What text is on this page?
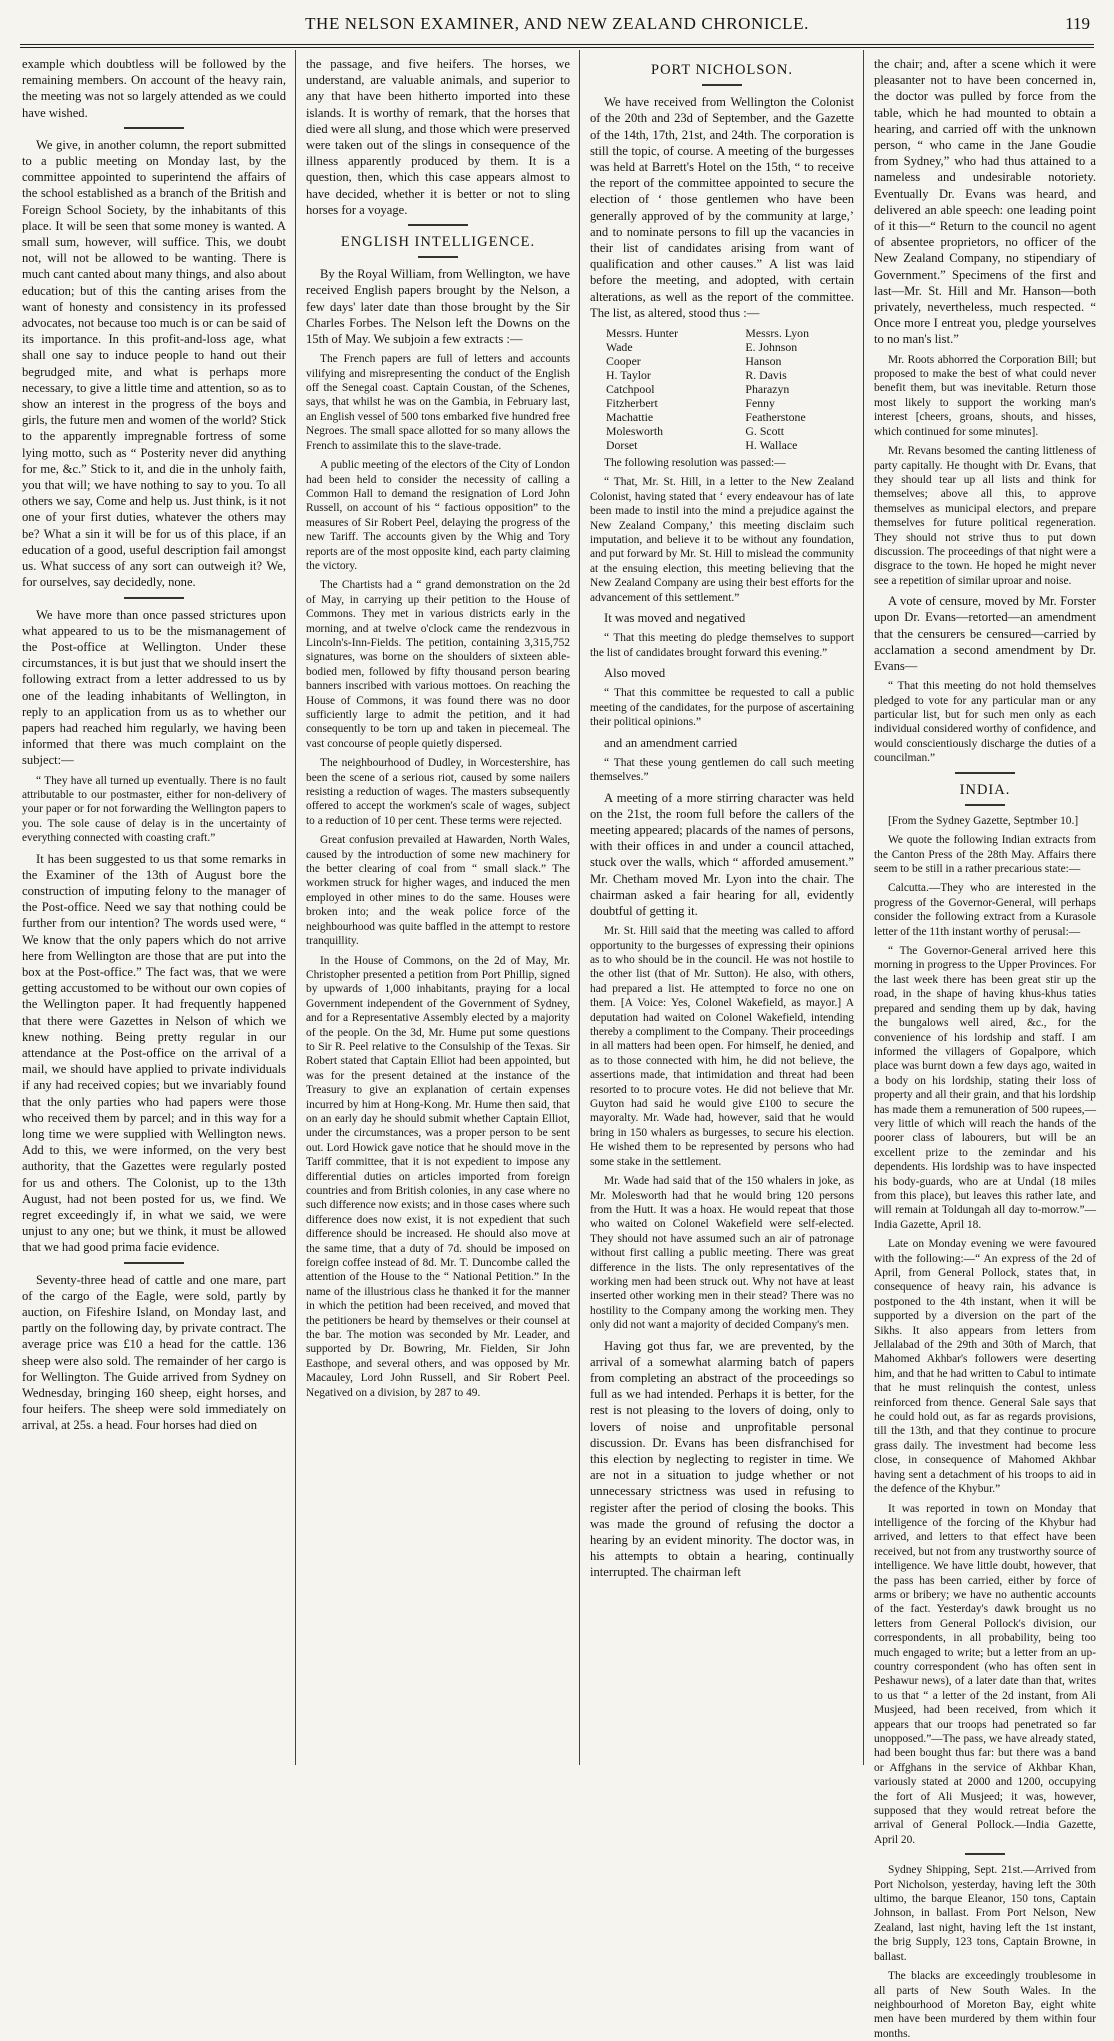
THE NELSON EXAMINER, AND NEW ZEALAND CHRONICLE.	119

example which doubtless will be followed by the remaining members. On account of the heavy rain, the meeting was not so largely attended as we could have wished.

We give, in another column, the report submitted to a public meeting on Monday last, by the committee appointed to superintend the affairs of the school established as a branch of the British and Foreign School Society, by the inhabitants of this place. It will be seen that some money is wanted. A small sum, however, will suffice. This, we doubt not, will not be allowed to be wanting. There is much cant canted about many things, and also about education; but of this the canting arises from the want of honesty and consistency in its professed advocates, not because too much is or can be said of its importance. In this profit-and-loss age, what shall one say to induce people to hand out their begrudged mite, and what is perhaps more necessary, to give a little time and attention, so as to show an interest in the progress of the boys and girls, the future men and women of the world? Stick to the apparently impregnable fortress of some lying motto, such as “ Posterity never did anything for me, &c.” Stick to it, and die in the unholy faith, you that will; we have nothing to say to you. To all others we say, Come and help us. Just think, is it not one of your first duties, whatever the others may be? What a sin it will be for us of this place, if an education of a good, useful description fail amongst us. What success of any sort can outweigh it? We, for ourselves, say decidedly, none.

We have more than once passed strictures upon what appeared to us to be the mismanagement of the Post-office at Wellington. Under these circumstances, it is but just that we should insert the following extract from a letter addressed to us by one of the leading inhabitants of Wellington, in reply to an application from us as to whether our papers had reached him regularly, we having been informed that there was much complaint on the subject:—

“ They have all turned up eventually. There is no fault attributable to our postmaster, either for non-delivery of your paper or for not forwarding the Wellington papers to you. The sole cause of delay is in the uncertainty of everything connected with coasting craft.”

It has been suggested to us that some remarks in the Examiner of the 13th of August bore the construction of imputing felony to the manager of the Post-office. Need we say that nothing could be further from our intention? The words used were, “ We know that the only papers which do not arrive here from Wellington are those that are put into the box at the Post-office.” The fact was, that we were getting accustomed to be without our own copies of the Wellington paper. It had frequently happened that there were Gazettes in Nelson of which we knew nothing. Being pretty regular in our attendance at the Post-office on the arrival of a mail, we should have applied to private individuals if any had received copies; but we invariably found that the only parties who had papers were those who received them by parcel; and in this way for a long time we were supplied with Wellington news. Add to this, we were informed, on the very best authority, that the Gazettes were regularly posted for us and others. The Colonist, up to the 13th August, had not been posted for us, we find. We regret exceedingly if, in what we said, we were unjust to any one; but we think, it must be allowed that we had good prima facie evidence.

Seventy-three head of cattle and one mare, part of the cargo of the Eagle, were sold, partly by auction, on Fifeshire Island, on Monday last, and partly on the following day, by private contract. The average price was £10 a head for the cattle. 136 sheep were also sold. The remainder of her cargo is for Wellington. The Guide arrived from Sydney on Wednesday, bringing 160 sheep, eight horses, and four heifers. The sheep were sold immediately on arrival, at 25s. a head. Four horses had died on

the passage, and five heifers. The horses, we understand, are valuable animals, and superior to any that have been hitherto imported into these islands. It is worthy of remark, that the horses that died were all slung, and those which were preserved were taken out of the slings in consequence of the illness apparently produced by them. It is a question, then, which this case appears almost to have decided, whether it is better or not to sling horses for a voyage.

ENGLISH INTELLIGENCE.

By the Royal William, from Wellington, we have received English papers brought by the Nelson, a few days' later date than those brought by the Sir Charles Forbes. The Nelson left the Downs on the 15th of May. We subjoin a few extracts :—

The French papers are full of letters and accounts vilifying and misrepresenting the conduct of the English off the Senegal coast. Captain Coustan, of the Schenes, says, that whilst he was on the Gambia, in February last, an English vessel of 500 tons embarked five hundred free Negroes. The small space allotted for so many allows the French to assimilate this to the slave-trade.

A public meeting of the electors of the City of London had been held to consider the necessity of calling a Common Hall to demand the resignation of Lord John Russell, on account of his “ factious opposition” to the measures of Sir Robert Peel, delaying the progress of the new Tariff. The accounts given by the Whig and Tory reports are of the most opposite kind, each party claiming the victory.

The Chartists had a “ grand demonstration on the 2d of May, in carrying up their petition to the House of Commons. They met in various districts early in the morning, and at twelve o'clock came the rendezvous in Lincoln's-Inn-Fields. The petition, containing 3,315,752 signatures, was borne on the shoulders of sixteen able-bodied men, followed by fifty thousand person bearing banners inscribed with various mottoes. On reaching the House of Commons, it was found there was no door sufficiently large to admit the petition, and it had consequently to be torn up and taken in piecemeal. The vast concourse of people quietly dispersed.

The neighbourhood of Dudley, in Worcestershire, has been the scene of a serious riot, caused by some nailers resisting a reduction of wages. The masters subsequently offered to accept the workmen's scale of wages, subject to a reduction of 10 per cent. These terms were rejected.

Great confusion prevailed at Hawarden, North Wales, caused by the introduction of some new machinery for the better clearing of coal from “ small slack.” The workmen struck for higher wages, and induced the men employed in other mines to do the same. Houses were broken into; and the weak police force of the neighbourhood was quite baffled in the attempt to restore tranquillity.

In the House of Commons, on the 2d of May, Mr. Christopher presented a petition from Port Phillip, signed by upwards of 1,000 inhabitants, praying for a local Government independent of the Government of Sydney, and for a Representative Assembly elected by a majority of the people. On the 3d, Mr. Hume put some questions to Sir R. Peel relative to the Consulship of the Texas. Sir Robert stated that Captain Elliot had been appointed, but was for the present detained at the instance of the Treasury to give an explanation of certain expenses incurred by him at Hong-Kong. Mr. Hume then said, that on an early day he should submit whether Captain Elliot, under the circumstances, was a proper person to be sent out. Lord Howick gave notice that he should move in the Tariff committee, that it is not expedient to impose any differential duties on articles imported from foreign countries and from British colonies, in any case where no such difference now exists; and in those cases where such difference does now exist, it is not expedient that such difference should be increased. He should also move at the same time, that a duty of 7d. should be imposed on foreign coffee instead of 8d. Mr. T. Duncombe called the attention of the House to the “ National Petition.” In the name of the illustrious class he thanked it for the manner in which the petition had been received, and moved that the petitioners be heard by themselves or their counsel at the bar. The motion was seconded by Mr. Leader, and supported by Dr. Bowring, Mr. Fielden, Sir John Easthope, and several others, and was opposed by Mr. Macauley, Lord John Russell, and Sir Robert Peel. Negatived on a division, by 287 to 49.

PORT NICHOLSON.

We have received from Wellington the Colonist of the 20th and 23d of September, and the Gazette of the 14th, 17th, 21st, and 24th. The corporation is still the topic, of course. A meeting of the burgesses was held at Barrett's Hotel on the 15th, “ to receive the report of the committee appointed to secure the election of ‘ those gentlemen who have been generally approved of by the community at large,’ and to nominate persons to fill up the vacancies in their list of candidates arising from want of qualification and other causes.” A list was laid before the meeting, and adopted, with certain alterations, as well as the report of the committee. The list, as altered, stood thus :—

Messrs. Hunter	Messrs. Lyon
Wade	E. Johnson
Cooper	Hanson
H. Taylor	R. Davis
Catchpool	Pharazyn
Fitzherbert	Fenny
Machattie	Featherstone
Molesworth	G. Scott
Dorset	H. Wallace

The following resolution was passed:—

“ That, Mr. St. Hill, in a letter to the New Zealand Colonist, having stated that ‘ every endeavour has of late been made to instil into the mind a prejudice against the New Zealand Company,’ this meeting disclaim such imputation, and believe it to be without any foundation, and put forward by Mr. St. Hill to mislead the community at the ensuing election, this meeting believing that the New Zealand Company are using their best efforts for the advancement of this settlement.”

It was moved and negatived

“ That this meeting do pledge themselves to support the list of candidates brought forward this evening.”

Also moved

“ That this committee be requested to call a public meeting of the candidates, for the purpose of ascertaining their political opinions.”

and an amendment carried

“ That these young gentlemen do call such meeting themselves.”

A meeting of a more stirring character was held on the 21st, the room full before the callers of the meeting appeared; placards of the names of persons, with their offices in and under a council attached, stuck over the walls, which “ afforded amusement.” Mr. Chetham moved Mr. Lyon into the chair. The chairman asked a fair hearing for all, evidently doubtful of getting it.

Mr. St. Hill said that the meeting was called to afford opportunity to the burgesses of expressing their opinions as to who should be in the council. He was not hostile to the other list (that of Mr. Sutton). He also, with others, had prepared a list. He attempted to force no one on them. [A Voice: Yes, Colonel Wakefield, as mayor.] A deputation had waited on Colonel Wakefield, intending thereby a compliment to the Company. Their proceedings in all matters had been open. For himself, he denied, and as to those connected with him, he did not believe, the assertions made, that intimidation and threat had been resorted to to procure votes. He did not believe that Mr. Guyton had said he would give £100 to secure the mayoralty. Mr. Wade had, however, said that he would bring in 150 whalers as burgesses, to secure his election. He wished them to be represented by persons who had some stake in the settlement.

Mr. Wade had said that of the 150 whalers in joke, as Mr. Molesworth had that he would bring 120 persons from the Hutt. It was a hoax. He would repeat that those who waited on Colonel Wakefield were self-elected. They should not have assumed such an air of patronage without first calling a public meeting. There was great difference in the lists. The only representatives of the working men had been struck out. Why not have at least inserted other working men in their stead? There was no hostility to the Company among the working men. They only did not want a majority of decided Company's men.

Having got thus far, we are prevented, by the arrival of a somewhat alarming batch of papers from completing an abstract of the proceedings so full as we had intended. Perhaps it is better, for the rest is not pleasing to the lovers of doing, only to lovers of noise and unprofitable personal discussion. Dr. Evans has been disfranchised for this election by neglecting to register in time. We are not in a situation to judge whether or not unnecessary strictness was used in refusing to register after the period of closing the books. This was made the ground of refusing the doctor a hearing by an evident minority. The doctor was, in his attempts to obtain a hearing, continually interrupted. The chairman left

the chair; and, after a scene which it were pleasanter not to have been concerned in, the doctor was pulled by force from the table, which he had mounted to obtain a hearing, and carried off with the unknown person, “ who came in the Jane Goudie from Sydney,” who had thus attained to a nameless and undesirable notoriety. Eventually Dr. Evans was heard, and delivered an able speech: one leading point of it this—“ Return to the council no agent of absentee proprietors, no officer of the New Zealand Company, no stipendiary of Government.” Specimens of the first and last—Mr. St. Hill and Mr. Hanson—both privately, nevertheless, much respected. “ Once more I entreat you, pledge yourselves to no man's list.”

Mr. Roots abhorred the Corporation Bill; but proposed to make the best of what could never benefit them, but was inevitable. Return those most likely to support the working man's interest [cheers, groans, shouts, and hisses, which continued for some minutes].

Mr. Revans besomed the canting littleness of party capitally. He thought with Dr. Evans, that they should tear up all lists and think for themselves; above all this, to approve themselves as municipal electors, and prepare themselves for future political regeneration. They should not strive thus to put down discussion. The proceedings of that night were a disgrace to the town. He hoped he might never see a repetition of similar uproar and noise.

A vote of censure, moved by Mr. Forster upon Dr. Evans—retorted—an amendment that the censurers be censured—carried by acclamation a second amendment by Dr. Evans—

“ That this meeting do not hold themselves pledged to vote for any particular man or any particular list, but for such men only as each individual considered worthy of confidence, and would conscientiously discharge the duties of a councilman.”

INDIA.

[From the Sydney Gazette, Septmber 10.]

We quote the following Indian extracts from the Canton Press of the 28th May. Affairs there seem to be still in a rather precarious state:—

Calcutta.—They who are interested in the progress of the Governor-General, will perhaps consider the following extract from a Kurasole letter of the 11th instant worthy of perusal:—

“ The Governor-General arrived here this morning in progress to the Upper Provinces. For the last week there has been great stir up the road, in the shape of having khus-khus taties prepared and sending them up by dak, having the bungalows well aired, &c., for the convenience of his lordship and staff. I am informed the villagers of Gopalpore, which place was burnt down a few days ago, waited in a body on his lordship, stating their loss of property and all their grain, and that his lordship has made them a remuneration of 500 rupees,—very little of which will reach the hands of the poorer class of labourers, but will be an excellent prize to the zemindar and his dependents. His lordship was to have inspected his body-guards, who are at Undal (18 miles from this place), but leaves this rather late, and will remain at Toldungah all day to-morrow.”—India Gazette, April 18.

Late on Monday evening we were favoured with the following:—“ An express of the 2d of April, from General Pollock, states that, in consequence of heavy rain, his advance is postponed to the 4th instant, when it will be supported by a diversion on the part of the Sikhs. It also appears from letters from Jellalabad of the 29th and 30th of March, that Mahomed Akhbar's followers were deserting him, and that he had written to Cabul to intimate that he must relinquish the contest, unless reinforced from thence. General Sale says that he could hold out, as far as regards provisions, till the 13th, and that they continue to procure grass daily. The investment had become less close, in consequence of Mahomed Akhbar having sent a detachment of his troops to aid in the defence of the Khybur.”

It was reported in town on Monday that intelligence of the forcing of the Khybur had arrived, and letters to that effect have been received, but not from any trustworthy source of intelligence. We have little doubt, however, that the pass has been carried, either by force of arms or bribery; we have no authentic accounts of the fact. Yesterday's dawk brought us no letters from General Pollock's division, our correspondents, in all probability, being too much engaged to write; but a letter from an up-country correspondent (who has often sent in Peshawur news), of a later date than that, writes to us that “ a letter of the 2d instant, from Ali Musjeed, had been received, from which it appears that our troops had penetrated so far unopposed.”—The pass, we have already stated, had been bought thus far: but there was a band or Affghans in the service of Akhbar Khan, variously stated at 2000 and 1200, occupying the fort of Ali Musjeed; it was, however, supposed that they would retreat before the arrival of General Pollock.—India Gazette, April 20.

Sydney Shipping, Sept. 21st.—Arrived from Port Nicholson, yesterday, having left the 30th ultimo, the barque Eleanor, 150 tons, Captain Johnson, in ballast. From Port Nelson, New Zealand, last night, having left the 1st instant, the brig Supply, 123 tons, Captain Browne, in ballast.

The blacks are exceedingly troublesome in all parts of New South Wales. In the neighbourhood of Moreton Bay, eight white men have been murdered by them within four months.
